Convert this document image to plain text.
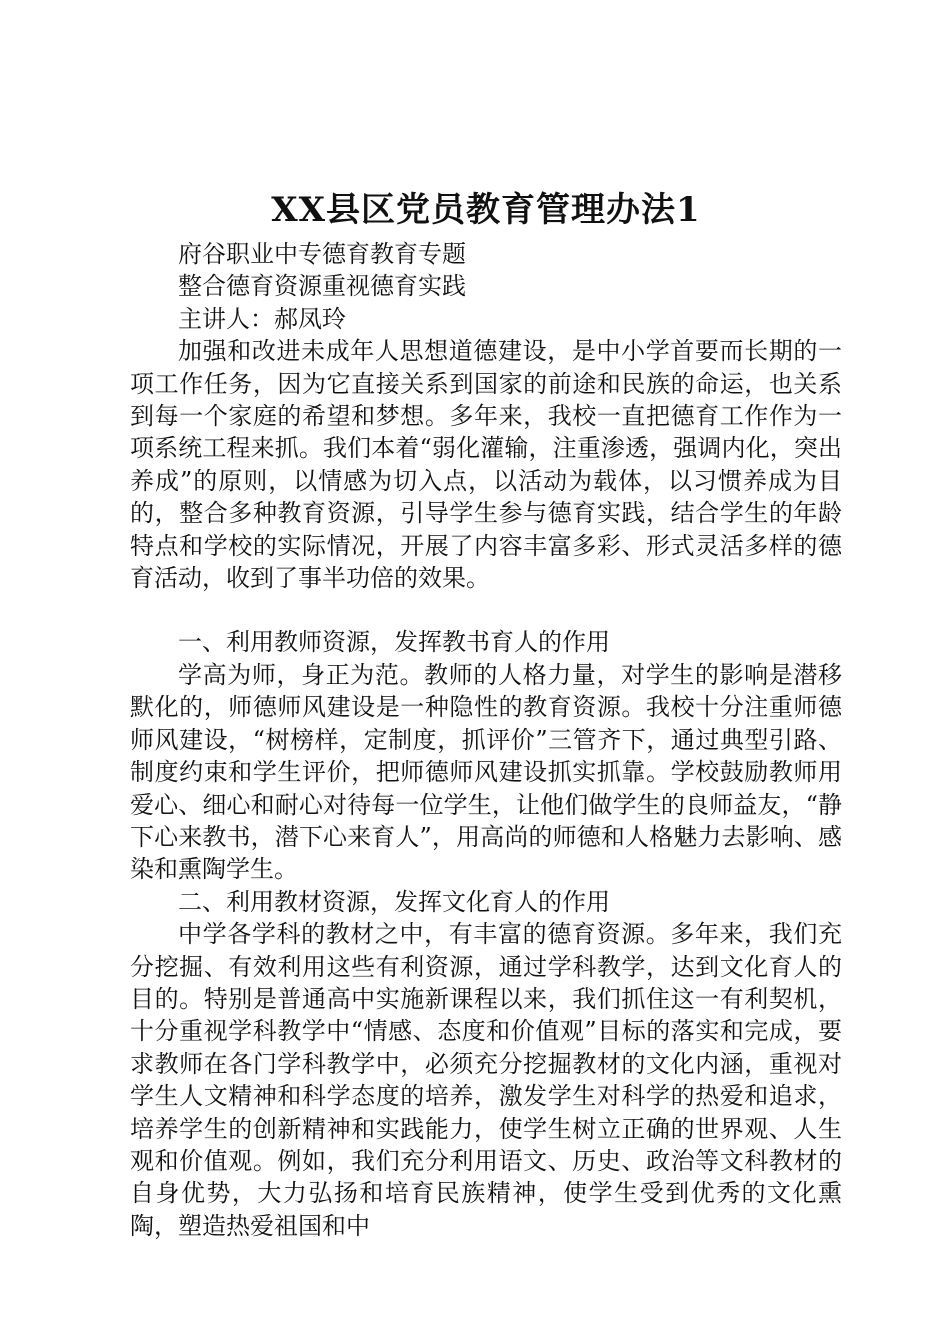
XX县区党员教育管理办法1

府谷职业中专德育教育专题

整合德育资源重视德育实践

主讲人：郝凤玲

加强和改进未成年人思想道德建设，是中小学首要而长期的一项工作任务，因为它直接关系到国家的前途和民族的命运，也关系到每一个家庭的希望和梦想。多年来，我校一直把德育工作作为一项系统工程来抓。我们本着“弱化灌输，注重渗透，强调内化，突出养成”的原则，以情感为切入点，以活动为载体，以习惯养成为目的，整合多种教育资源，引导学生参与德育实践，结合学生的年龄特点和学校的实际情况，开展了内容丰富多彩、形式灵活多样的德育活动，收到了事半功倍的效果。

一、利用教师资源，发挥教书育人的作用

学高为师，身正为范。教师的人格力量，对学生的影响是潜移默化的，师德师风建设是一种隐性的教育资源。我校十分注重师德师风建设，“树榜样，定制度，抓评价”三管齐下，通过典型引路、制度约束和学生评价，把师德师风建设抓实抓靠。学校鼓励教师用爱心、细心和耐心对待每一位学生，让他们做学生的良师益友，“静下心来教书，潜下心来育人”，用高尚的师德和人格魅力去影响、感染和熏陶学生。

二、利用教材资源，发挥文化育人的作用

中学各学科的教材之中，有丰富的德育资源。多年来，我们充分挖掘、有效利用这些有利资源，通过学科教学，达到文化育人的目的。特别是普通高中实施新课程以来，我们抓住这一有利契机，十分重视学科教学中“情感、态度和价值观”目标的落实和完成，要求教师在各门学科教学中，必须充分挖掘教材的文化内涵，重视对学生人文精神和科学态度的培养，激发学生对科学的热爱和追求，培养学生的创新精神和实践能力，使学生树立正确的世界观、人生观和价值观。例如，我们充分利用语文、历史、政治等文科教材的自身优势，大力弘扬和培育民族精神，使学生受到优秀的文化熏陶，塑造热爱祖国和中
